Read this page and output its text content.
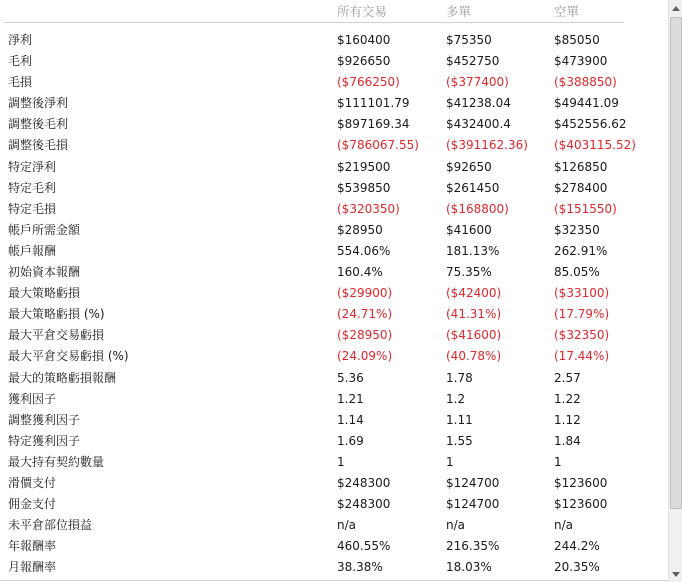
所有交易	多單	空單
淨利	$160400	$75350	$85050
毛利	$926650	$452750	$473900
毛損	($766250)	($377400)	($388850)
調整後淨利	$111101.79	$41238.04	$49441.09
調整後毛利	$897169.34	$432400.4	$452556.62
調整後毛損	($786067.55) ($391162.36) ($403115.52)
特定淨利	$219500	$92650	$126850
特定毛利	$539850	$261450	$278400
特定毛損	($320350)	($168800)	($151550)
帳戶所需金額	$28950	$41600	$32350
帳戶報酬	554.06%	181.13%	262.91%
初始資本報酬	160.4%	75.35%	85.05%
最大策略虧損	($29900)	($42400)	($33100)
最大策略虧損 (%)	(24.71%)	(41.31%)	(17.79%)
最大平倉交易虧損	($28950)	($41600)	($32350)
最大平倉交易虧損 (%)	(24.09%)	(40.78%)	(17.44%)
最大的策略虧損報酬	5.36	1.78	2.57
獲利因子	1.21	1.2	1.22
調整獲利因子	1.14	1.11	1.12
特定獲利因子	1.69	1.55	1.84
最大持有契約數量	1	1	1
滑價支付	$248300	$124700	$123600
佣金支付	$248300	$124700	$123600
未平倉部位損益	n/a	n/a	n/a
年報酬率	460.55%	216.35%	244.2%
月報酬率	38.38%	18.03%	20.35%
